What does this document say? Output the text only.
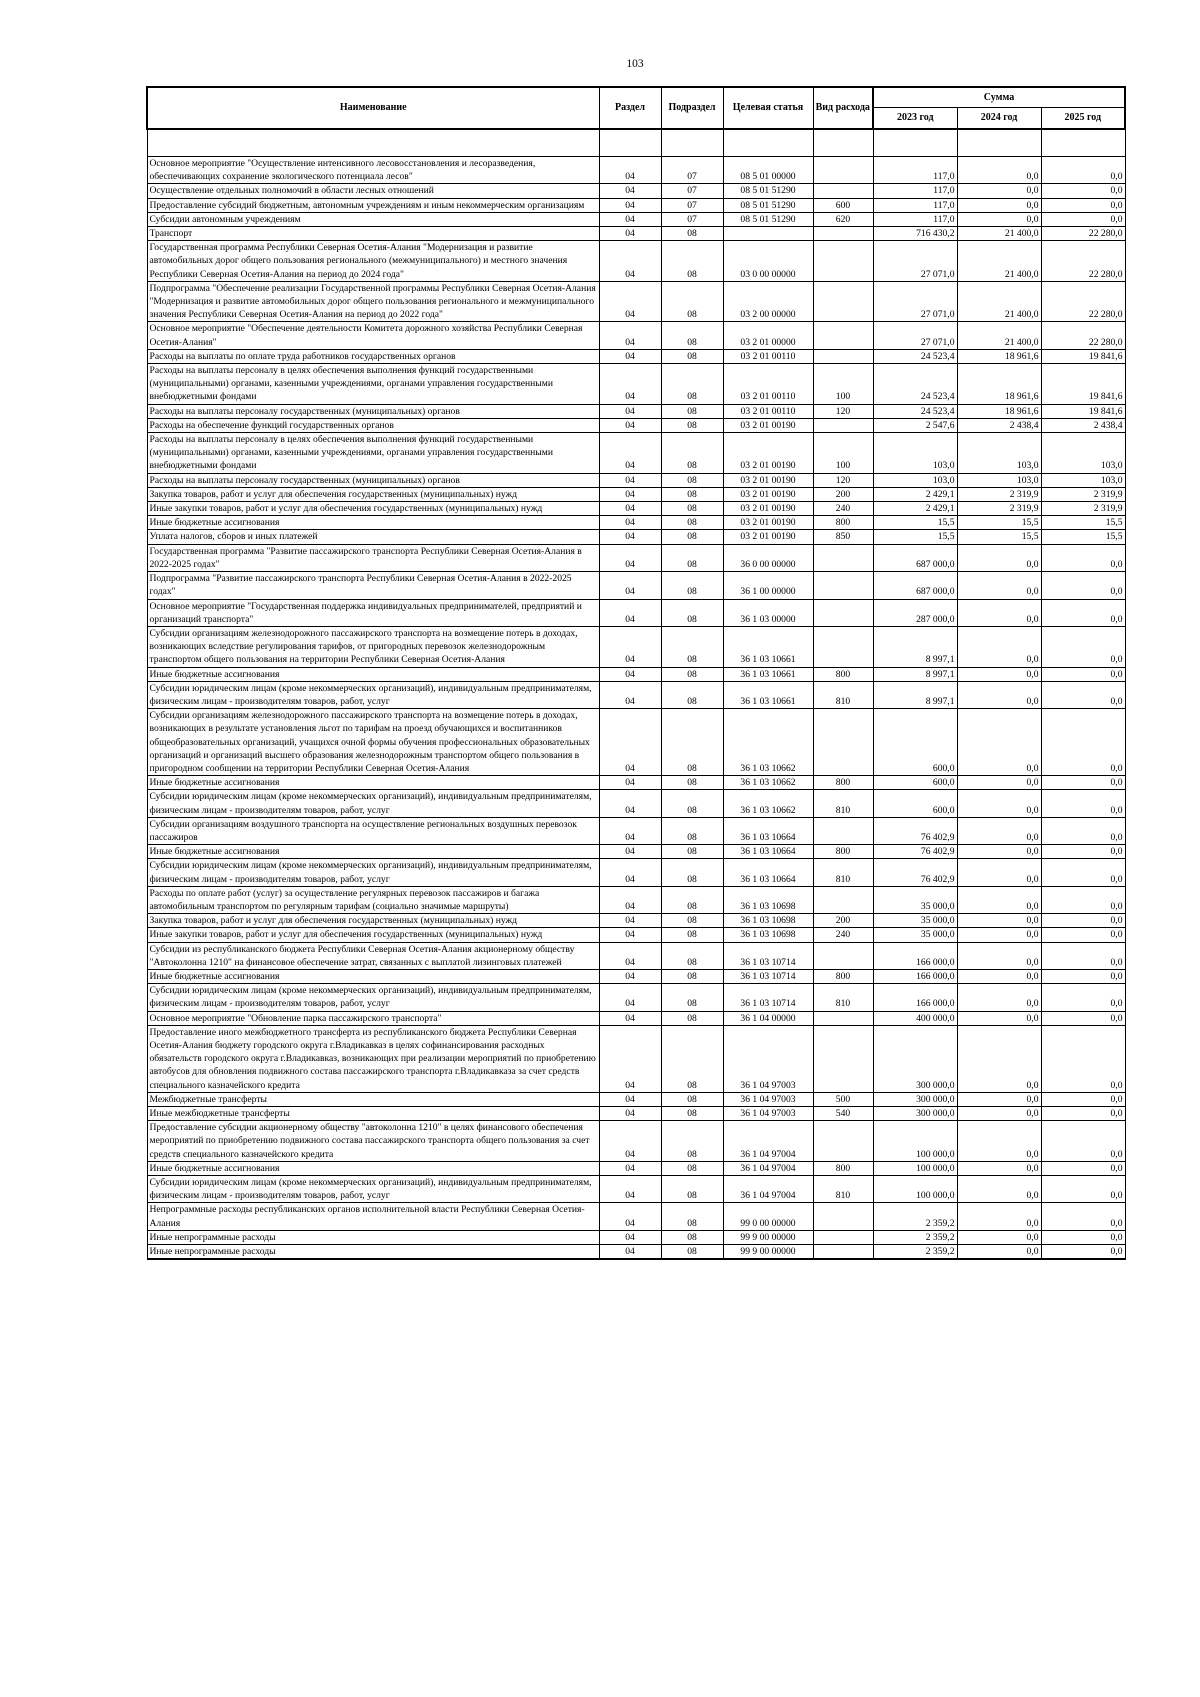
103
Наименование	Раздел	Подраздел	Целевая статья	Вид расхода	Сумма		
					2023 год	2024 год	2025 год

Основное мероприятие "Осуществление интенсивного лесовосстановления и лесоразведения, обеспечивающих сохранение экологического потенциала лесов"	04	07	08 5 01 00000		117,0	0,0	0,0
Осуществление отдельных полномочий в области лесных отношений	04	07	08 5 01 51290		117,0	0,0	0,0
Предоставление субсидий бюджетным, автономным учреждениям и иным некоммерческим организациям	04	07	08 5 01 51290	600	117,0	0,0	0,0
Субсидии автономным учреждениям	04	07	08 5 01 51290	620	117,0	0,0	0,0
Транспорт	04	08			716 430,2	21 400,0	22 280,0
Государственная программа Республики Северная Осетия-Алания "Модернизация и развитие автомобильных дорог общего пользования регионального (межмуниципального) и местного значения Республики Северная Осетия-Алания на период до 2024 года"	04	08	03 0 00 00000		27 071,0	21 400,0	22 280,0
Подпрограмма "Обеспечение реализации Государственной программы Республики Северная Осетия-Алания "Модернизация и развитие автомобильных дорог общего пользования регионального и межмуниципального значения Республики Северная Осетия-Алания на период до 2022 года"	04	08	03 2 00 00000		27 071,0	21 400,0	22 280,0
Основное мероприятие "Обеспечение деятельности Комитета дорожного хозяйства Республики Северная Осетия-Алания"	04	08	03 2 01 00000		27 071,0	21 400,0	22 280,0
Расходы на выплаты по оплате труда работников государственных органов	04	08	03 2 01 00110		24 523,4	18 961,6	19 841,6
Расходы на выплаты персоналу в целях обеспечения выполнения функций государственными (муниципальными) органами, казенными учреждениями, органами управления государственными внебюджетными фондами	04	08	03 2 01 00110	100	24 523,4	18 961,6	19 841,6
Расходы на выплаты персоналу государственных (муниципальных) органов	04	08	03 2 01 00110	120	24 523,4	18 961,6	19 841,6
Расходы на обеспечение функций государственных органов	04	08	03 2 01 00190		2 547,6	2 438,4	2 438,4
Расходы на выплаты персоналу в целях обеспечения выполнения функций государственными (муниципальными) органами, казенными учреждениями, органами управления государственными внебюджетными фондами	04	08	03 2 01 00190	100	103,0	103,0	103,0
Расходы на выплаты персоналу государственных (муниципальных) органов	04	08	03 2 01 00190	120	103,0	103,0	103,0
Закупка товаров, работ и услуг для обеспечения государственных (муниципальных) нужд	04	08	03 2 01 00190	200	2 429,1	2 319,9	2 319,9
Иные закупки товаров, работ и услуг для обеспечения государственных (муниципальных) нужд	04	08	03 2 01 00190	240	2 429,1	2 319,9	2 319,9
Иные бюджетные ассигнования	04	08	03 2 01 00190	800	15,5	15,5	15,5
Уплата налогов, сборов и иных платежей	04	08	03 2 01 00190	850	15,5	15,5	15,5
Государственная программа "Развитие пассажирского транспорта Республики Северная Осетия-Алания в 2022-2025 годах"	04	08	36 0 00 00000		687 000,0	0,0	0,0
Подпрограмма "Развитие пассажирского транспорта Республики Северная Осетия-Алания в 2022-2025 годах"	04	08	36 1 00 00000		687 000,0	0,0	0,0
Основное мероприятие "Государственная поддержка индивидуальных предпринимателей, предприятий и организаций транспорта"	04	08	36 1 03 00000		287 000,0	0,0	0,0
Субсидии организациям железнодорожного пассажирского транспорта на возмещение потерь в доходах, возникающих вследствие регулирования тарифов, от пригородных перевозок железнодорожным транспортом общего пользования на территории Республики Северная Осетия-Алания	04	08	36 1 03 10661		8 997,1	0,0	0,0
Иные бюджетные ассигнования	04	08	36 1 03 10661	800	8 997,1	0,0	0,0
Субсидии юридическим лицам (кроме некоммерческих организаций), индивидуальным предпринимателям, физическим лицам - производителям товаров, работ, услуг	04	08	36 1 03 10661	810	8 997,1	0,0	0,0
Субсидии организациям железнодорожного пассажирского транспорта на возмещение потерь в доходах, возникающих в результате установления льгот по тарифам на проезд обучающихся и воспитанников общеобразовательных организаций, учащихся очной формы обучения профессиональных образовательных организаций и организаций высшего образования железнодорожным транспортом общего пользования в пригородном сообщении на территории Республики Северная Осетия-Алания	04	08	36 1 03 10662		600,0	0,0	0,0
Иные бюджетные ассигнования	04	08	36 1 03 10662	800	600,0	0,0	0,0
Субсидии юридическим лицам (кроме некоммерческих организаций), индивидуальным предпринимателям, физическим лицам - производителям товаров, работ, услуг	04	08	36 1 03 10662	810	600,0	0,0	0,0
Субсидии организациям воздушного транспорта на осуществление региональных воздушных перевозок пассажиров	04	08	36 1 03 10664		76 402,9	0,0	0,0
Иные бюджетные ассигнования	04	08	36 1 03 10664	800	76 402,9	0,0	0,0
Субсидии юридическим лицам (кроме некоммерческих организаций), индивидуальным предпринимателям, физическим лицам - производителям товаров, работ, услуг	04	08	36 1 03 10664	810	76 402,9	0,0	0,0
Расходы по оплате работ (услуг) за осуществление регулярных перевозок пассажиров и багажа автомобильным транспортом по регулярным тарифам (социально значимые маршруты)	04	08	36 1 03 10698		35 000,0	0,0	0,0
Закупка товаров, работ и услуг для обеспечения государственных (муниципальных) нужд	04	08	36 1 03 10698	200	35 000,0	0,0	0,0
Иные закупки товаров, работ и услуг для обеспечения государственных (муниципальных) нужд	04	08	36 1 03 10698	240	35 000,0	0,0	0,0
Субсидии из республиканского бюджета Республики Северная Осетия-Алания акционерному обществу "Автоколонна 1210" на финансовое обеспечение затрат, связанных с выплатой лизинговых платежей	04	08	36 1 03 10714		166 000,0	0,0	0,0
Иные бюджетные ассигнования	04	08	36 1 03 10714	800	166 000,0	0,0	0,0
Субсидии юридическим лицам (кроме некоммерческих организаций), индивидуальным предпринимателям, физическим лицам - производителям товаров, работ, услуг	04	08	36 1 03 10714	810	166 000,0	0,0	0,0
Основное мероприятие "Обновление парка пассажирского транспорта"	04	08	36 1 04 00000		400 000,0	0,0	0,0
Предоставление иного межбюджетного трансферта из республиканского бюджета Республики Северная Осетия-Алания бюджету городского округа г.Владикавказ в целях софинансирования расходных обязательств городского округа г.Владикавказ, возникающих при реализации мероприятий по приобретению автобусов для обновления подвижного состава пассажирского транспорта г.Владикавказа за счет средств специального казначейского кредита	04	08	36 1 04 97003		300 000,0	0,0	0,0
Межбюджетные трансферты	04	08	36 1 04 97003	500	300 000,0	0,0	0,0
Иные межбюджетные трансферты	04	08	36 1 04 97003	540	300 000,0	0,0	0,0
Предоставление субсидии акционерному обществу "автоколонна 1210" в целях финансового обеспечения мероприятий по приобретению подвижного состава пассажирского транспорта общего пользования за счет средств специального казначейского кредита	04	08	36 1 04 97004		100 000,0	0,0	0,0
Иные бюджетные ассигнования	04	08	36 1 04 97004	800	100 000,0	0,0	0,0
Субсидии юридическим лицам (кроме некоммерческих организаций), индивидуальным предпринимателям, физическим лицам - производителям товаров, работ, услуг	04	08	36 1 04 97004	810	100 000,0	0,0	0,0
Непрограммные расходы республиканских органов исполнительной власти Республики Северная Осетия-Алания	04	08	99 0 00 00000		2 359,2	0,0	0,0
Иные непрограммные расходы	04	08	99 9 00 00000		2 359,2	0,0	0,0
Иные непрограммные расходы	04	08	99 9 00 00000		2 359,2	0,0	0,0
